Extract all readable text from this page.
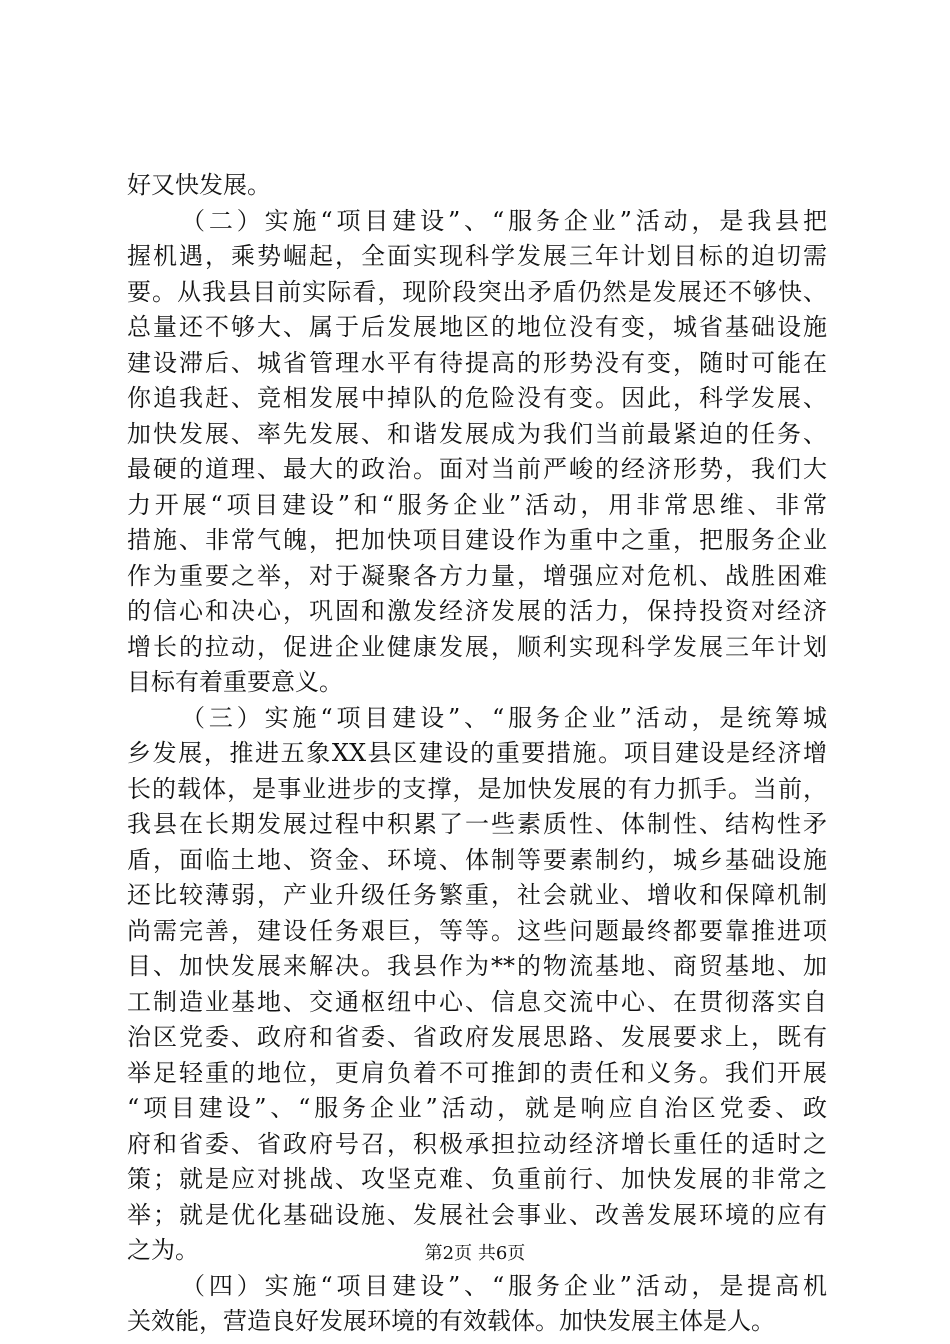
好又快发展。
（二）实施“项目建设”、“服务企业”活动，是我县把
握机遇，乘势崛起，全面实现科学发展三年计划目标的迫切需
要。从我县目前实际看，现阶段突出矛盾仍然是发展还不够快、
总量还不够大、属于后发展地区的地位没有变，城省基础设施
建设滞后、城省管理水平有待提高的形势没有变，随时可能在
你追我赶、竞相发展中掉队的危险没有变。因此，科学发展、
加快发展、率先发展、和谐发展成为我们当前最紧迫的任务、
最硬的道理、最大的政治。面对当前严峻的经济形势，我们大
力开展“项目建设”和“服务企业”活动，用非常思维、非常
措施、非常气魄，把加快项目建设作为重中之重，把服务企业
作为重要之举，对于凝聚各方力量，增强应对危机、战胜困难
的信心和决心，巩固和激发经济发展的活力，保持投资对经济
增长的拉动，促进企业健康发展，顺利实现科学发展三年计划
目标有着重要意义。
（三）实施“项目建设”、“服务企业”活动，是统筹城
乡发展，推进五象XX县区建设的重要措施。项目建设是经济增
长的载体，是事业进步的支撑，是加快发展的有力抓手。当前，
我县在长期发展过程中积累了一些素质性、体制性、结构性矛
盾，面临土地、资金、环境、体制等要素制约，城乡基础设施
还比较薄弱，产业升级任务繁重，社会就业、增收和保障机制
尚需完善，建设任务艰巨，等等。这些问题最终都要靠推进项
目、加快发展来解决。我县作为**的物流基地、商贸基地、加
工制造业基地、交通枢纽中心、信息交流中心、在贯彻落实自
治区党委、政府和省委、省政府发展思路、发展要求上，既有
举足轻重的地位，更肩负着不可推卸的责任和义务。我们开展
“项目建设”、“服务企业”活动，就是响应自治区党委、政
府和省委、省政府号召，积极承担拉动经济增长重任的适时之
策；就是应对挑战、攻坚克难、负重前行、加快发展的非常之
举；就是优化基础设施、发展社会事业、改善发展环境的应有
之为。
（四）实施“项目建设”、“服务企业”活动，是提高机
关效能，营造良好发展环境的有效载体。加快发展主体是人。
第2页 共6页
